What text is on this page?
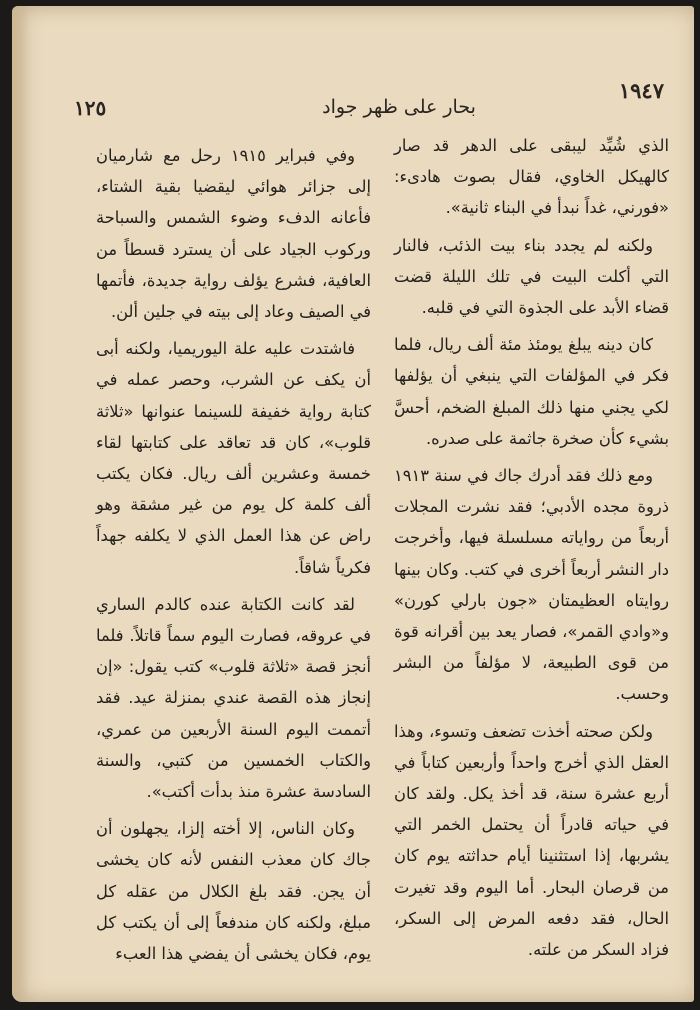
١٢٥	بحار على ظهر جواد
١٩٤٧

الذي شُيِّد ليبقى على الدهر قد صار كالهيكل الخاوي، فقال بصوت هادىء: «فورني، غداً نبدأ في البناء ثانية».

ولكنه لم يجدد بناء بيت الذئب، فالنار التي أكلت البيت في تلك الليلة قضت قضاء الأبد على الجذوة التي في قلبه.

كان دينه يبلغ يومئذ مئة ألف ريال، فلما فكر في المؤلفات التي ينبغي أن يؤلفها لكي يجني منها ذلك المبلغ الضخم، أحسَّ بشيء كأن صخرة جاثمة على صدره.

ومع ذلك فقد أدرك جاك في سنة ١٩١٣ ذروة مجده الأدبي؛ فقد نشرت المجلات أربعاً من رواياته مسلسلة فيها، وأخرجت دار النشر أربعاً أخرى في كتب. وكان بينها روايتاه العظيمتان «جون بارلي كورن» و«وادي القمر»، فصار يعد بين أقرانه قوة من قوى الطبيعة، لا مؤلفاً من البشر وحسب.

ولكن صحته أخذت تضعف وتسوء، وهذا العقل الذي أخرج واحداً وأربعين كتاباً في أربع عشرة سنة، قد أخذ يكل. ولقد كان في حياته قادراً أن يحتمل الخمر التي يشربها، إذا استثنينا أيام حداثته يوم كان من قرصان البحار. أما اليوم وقد تغيرت الحال، فقد دفعه المرض إلى السكر، فزاد السكر من علته.

وفي فبراير ١٩١٥ رحل مع شارميان إلى جزائر هوائي ليقضيا بقية الشتاء، فأعانه الدفء وضوء الشمس والسباحة وركوب الجياد على أن يسترد قسطاً من العافية، فشرع يؤلف رواية جديدة، فأتمها في الصيف وعاد إلى بيته في جلين ألن.

فاشتدت عليه علة اليوريميا، ولكنه أبى أن يكف عن الشرب، وحصر عمله في كتابة رواية خفيفة للسينما عنوانها «ثلاثة قلوب»، كان قد تعاقد على كتابتها لقاء خمسة وعشرين ألف ريال. فكان يكتب ألف كلمة كل يوم من غير مشقة وهو راض عن هذا العمل الذي لا يكلفه جهداً فكرياً شاقاً.

لقد كانت الكتابة عنده كالدم الساري في عروقه، فصارت اليوم سماً قاتلاً. فلما أنجز قصة «ثلاثة قلوب» كتب يقول: «إن إنجاز هذه القصة عندي بمنزلة عيد. فقد أتممت اليوم السنة الأربعين من عمري، والكتاب الخمسين من كتبي، والسنة السادسة عشرة منذ بدأت أكتب».

وكان الناس، إلا أخته إلزا، يجهلون أن جاك كان معذب النفس لأنه كان يخشى أن يجن. فقد بلغ الكلال من عقله كل مبلغ، ولكنه كان مندفعاً إلى أن يكتب كل يوم، فكان يخشى أن يفضي هذا العبء
